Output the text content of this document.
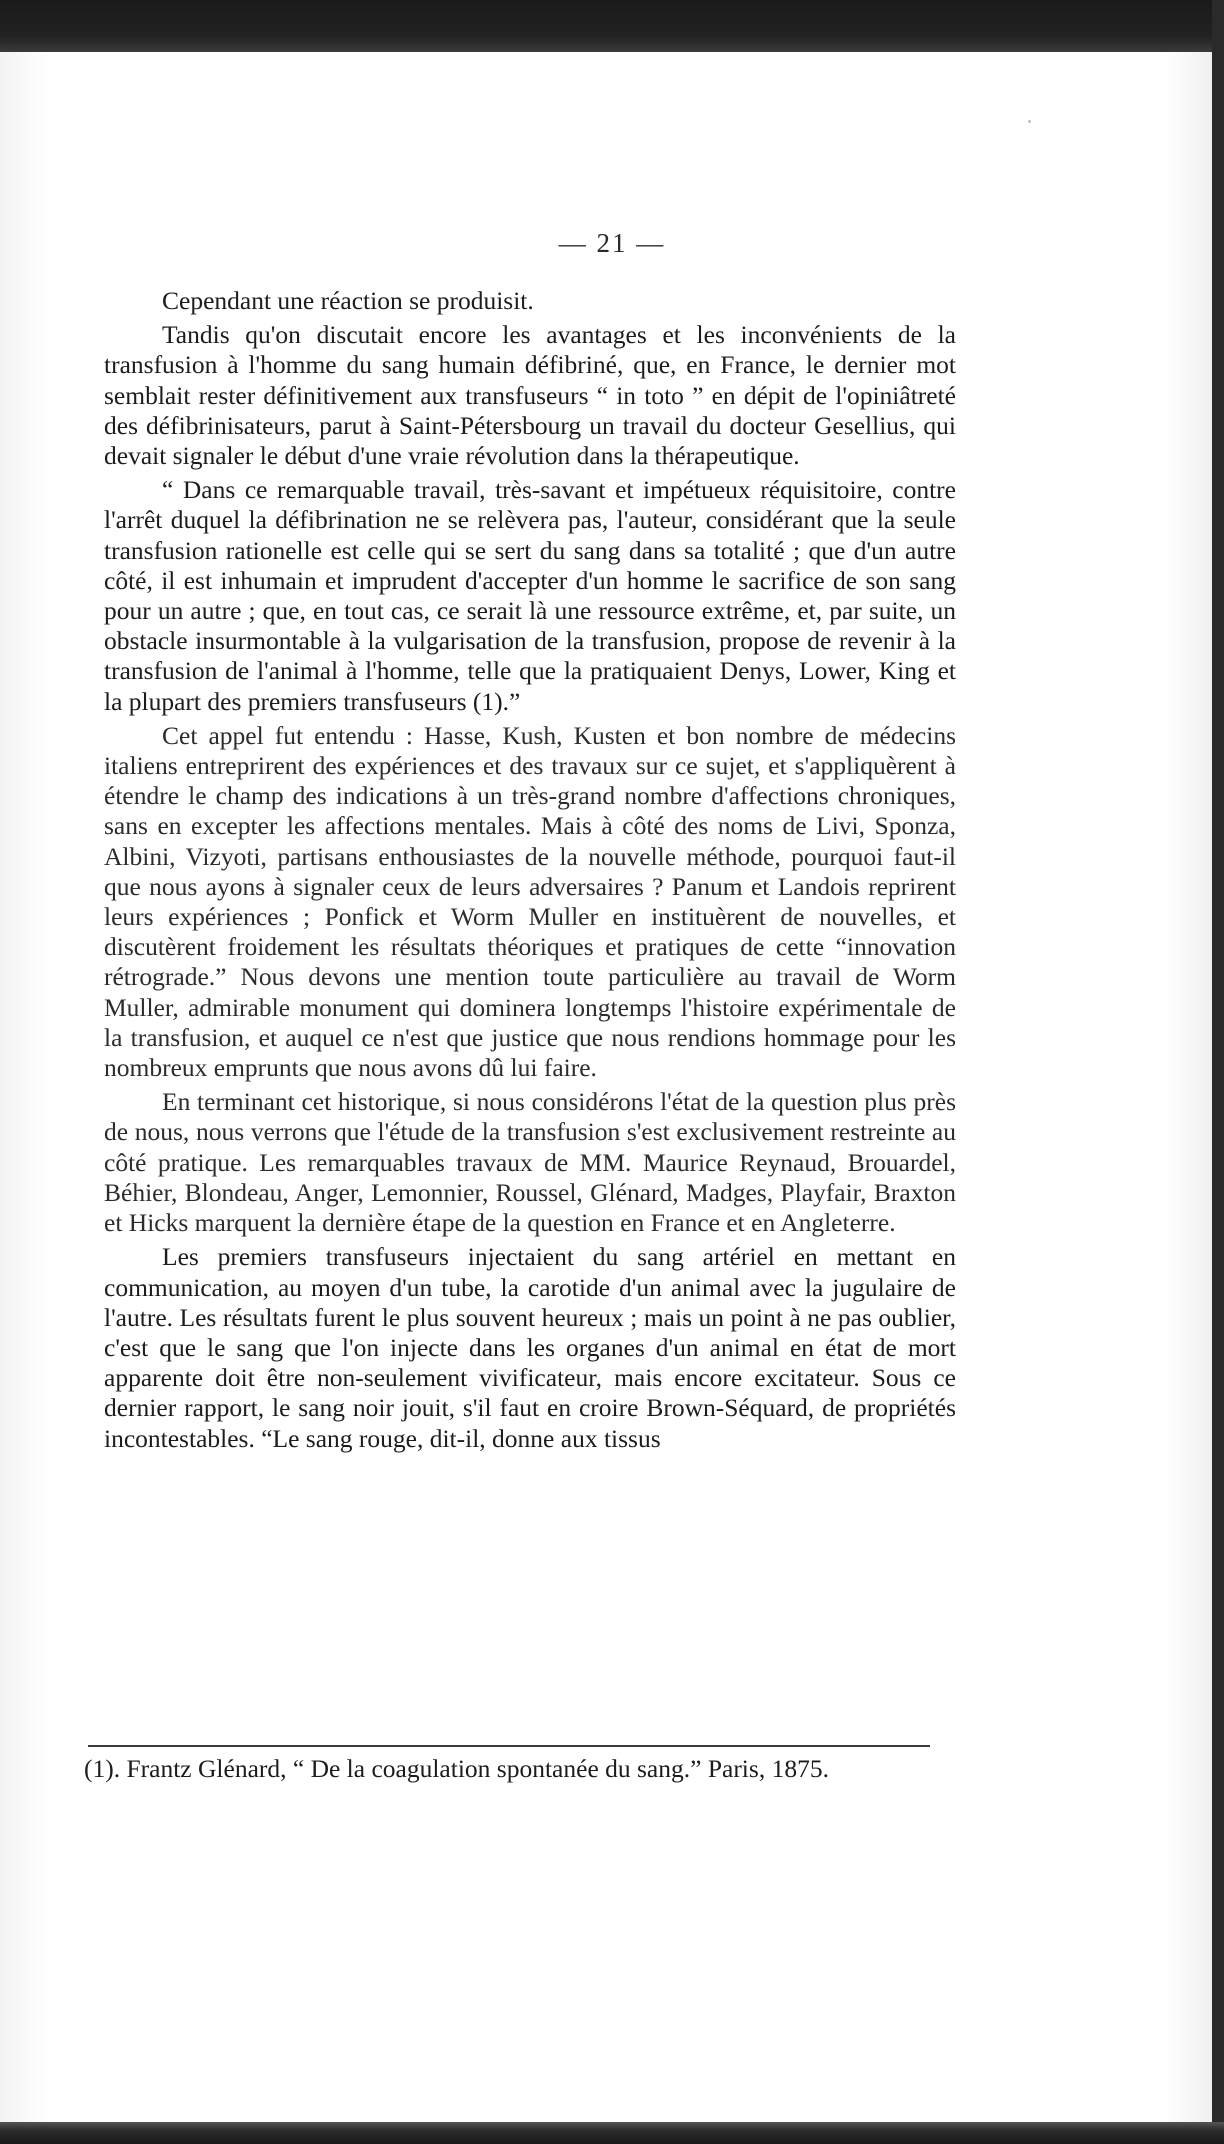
— 21 —

Cependant une réaction se produisit.

Tandis qu'on discutait encore les avantages et les inconvénients de la transfusion à l'homme du sang humain défibriné, que, en France, le dernier mot semblait rester définitivement aux transfuseurs “ in toto ” en dépit de l'opiniâtreté des défibrinisateurs, parut à Saint-Pétersbourg un travail du docteur Gesellius, qui devait signaler le début d'une vraie révolution dans la thérapeutique.

“ Dans ce remarquable travail, très-savant et impétueux réquisitoire, contre l'arrêt duquel la défibrination ne se relèvera pas, l'auteur, considérant que la seule transfusion rationelle est celle qui se sert du sang dans sa totalité ; que d'un autre côté, il est inhumain et imprudent d'accepter d'un homme le sacrifice de son sang pour un autre ; que, en tout cas, ce serait là une ressource extrême, et, par suite, un obstacle insurmontable à la vulgarisation de la transfusion, propose de revenir à la transfusion de l'animal à l'homme, telle que la pratiquaient Denys, Lower, King et la plupart des premiers transfuseurs (1).”

Cet appel fut entendu : Hasse, Kush, Kusten et bon nombre de médecins italiens entreprirent des expériences et des travaux sur ce sujet, et s'appliquèrent à étendre le champ des indications à un très-grand nombre d'affections chroniques, sans en excepter les affections mentales. Mais à côté des noms de Livi, Sponza, Albini, Vizyoti, partisans enthousiastes de la nouvelle méthode, pourquoi faut-il que nous ayons à signaler ceux de leurs adversaires ? Panum et Landois reprirent leurs expériences ; Ponfick et Worm Muller en instituèrent de nouvelles, et discutèrent froidement les résultats théoriques et pratiques de cette “innovation rétrograde.” Nous devons une mention toute particulière au travail de Worm Muller, admirable monument qui dominera longtemps l'histoire expérimentale de la transfusion, et auquel ce n'est que justice que nous rendions hommage pour les nombreux emprunts que nous avons dû lui faire.

En terminant cet historique, si nous considérons l'état de la question plus près de nous, nous verrons que l'étude de la transfusion s'est exclusivement restreinte au côté pratique. Les remarquables travaux de MM. Maurice Reynaud, Brouardel, Béhier, Blondeau, Anger, Lemonnier, Roussel, Glénard, Madges, Playfair, Braxton et Hicks marquent la dernière étape de la question en France et en Angleterre.

Les premiers transfuseurs injectaient du sang artériel en mettant en communication, au moyen d'un tube, la carotide d'un animal avec la jugulaire de l'autre. Les résultats furent le plus souvent heureux ; mais un point à ne pas oublier, c'est que le sang que l'on injecte dans les organes d'un animal en état de mort apparente doit être non-seulement vivificateur, mais encore excitateur. Sous ce dernier rapport, le sang noir jouit, s'il faut en croire Brown-Séquard, de propriétés incontestables. “Le sang rouge, dit-il, donne aux tissus

(1). Frantz Glénard, “ De la coagulation spontanée du sang.” Paris, 1875.
